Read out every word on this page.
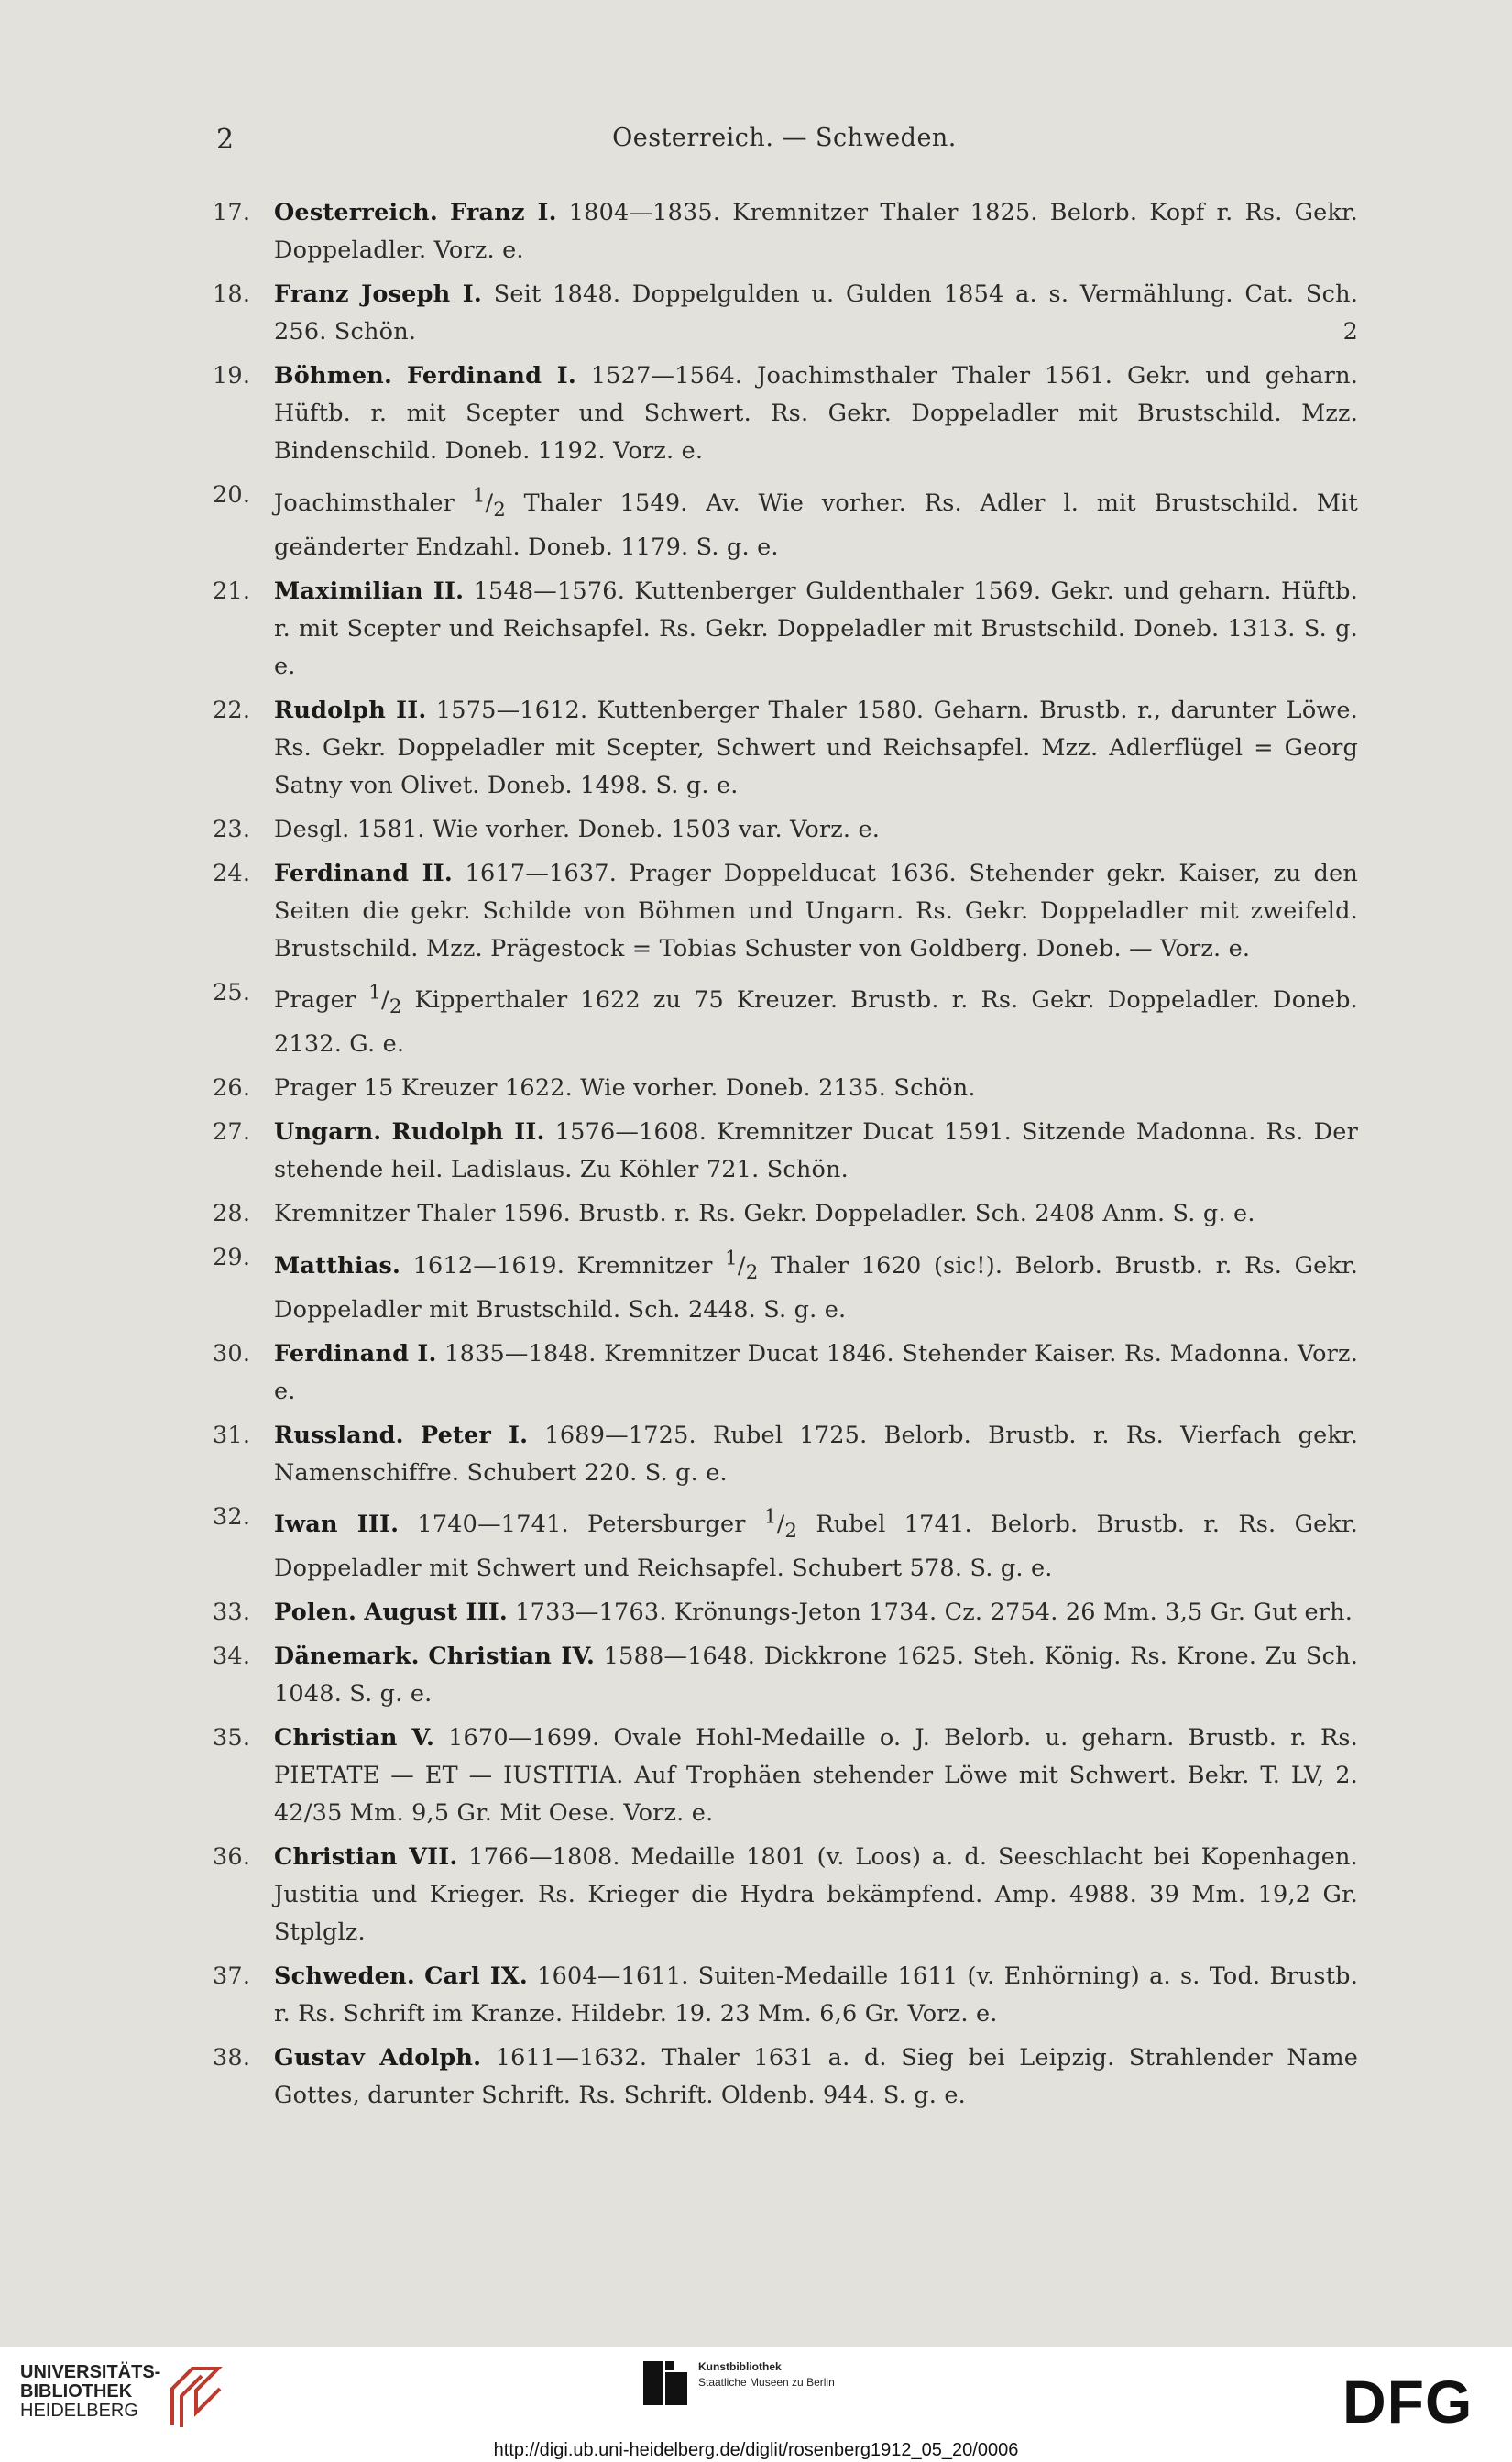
2	Oesterreich. — Schweden.
17. Oesterreich. Franz I. 1804—1835. Kremnitzer Thaler 1825. Belorb. Kopf r. Rs. Gekr. Doppeladler. Vorz. e.
18. Franz Joseph I. Seit 1848. Doppelgulden u. Gulden 1854 a. s. Vermählung. Cat. Sch. 256. Schön.	2
19. Böhmen. Ferdinand I. 1527—1564. Joachimsthaler Thaler 1561. Gekr. und geharn. Hüftb. r. mit Scepter und Schwert. Rs. Gekr. Doppeladler mit Brustschild. Mzz. Bindenschild. Doneb. 1192. Vorz. e.
20. Joachimsthaler $^1/_2$ Thaler 1549. Av. Wie vorher. Rs. Adler l. mit Brustschild. Mit geänderter Endzahl. Doneb. 1179. S. g. e.
21. Maximilian II. 1548—1576. Kuttenberger Guldenthaler 1569. Gekr. und geharn. Hüftb. r. mit Scepter und Reichsapfel. Rs. Gekr. Doppeladler mit Brustschild. Doneb. 1313. S. g. e.
22. Rudolph II. 1575—1612. Kuttenberger Thaler 1580. Geharn. Brustb. r., darunter Löwe. Rs. Gekr. Doppeladler mit Scepter, Schwert und Reichsapfel. Mzz. Adlerflügel = Georg Satny von Olivet. Doneb. 1498. S. g. e.
23. Desgl. 1581. Wie vorher. Doneb. 1503 var. Vorz. e.
24. Ferdinand II. 1617—1637. Prager Doppelducat 1636. Stehender gekr. Kaiser, zu den Seiten die gekr. Schilde von Böhmen und Ungarn. Rs. Gekr. Doppeladler mit zweifeld. Brustschild. Mzz. Prägestock = Tobias Schuster von Goldberg. Doneb. — Vorz. e.
25. Prager $^1/_2$ Kipperthaler 1622 zu 75 Kreuzer. Brustb. r. Rs. Gekr. Doppeladler. Doneb. 2132. G. e.
26. Prager 15 Kreuzer 1622. Wie vorher. Doneb. 2135. Schön.
27. Ungarn. Rudolph II. 1576—1608. Kremnitzer Ducat 1591. Sitzende Madonna. Rs. Der stehende heil. Ladislaus. Zu Köhler 721. Schön.
28. Kremnitzer Thaler 1596. Brustb. r. Rs. Gekr. Doppeladler. Sch. 2408 Anm. S. g. e.
29. Matthias. 1612—1619. Kremnitzer $^1/_2$ Thaler 1620 (sic!). Belorb. Brustb. r. Rs. Gekr. Doppeladler mit Brustschild. Sch. 2448. S. g. e.
30. Ferdinand I. 1835—1848. Kremnitzer Ducat 1846. Stehender Kaiser. Rs. Madonna. Vorz. e.
31. Russland. Peter I. 1689—1725. Rubel 1725. Belorb. Brustb. r. Rs. Vierfach gekr. Namenschiffre. Schubert 220. S. g. e.
32. Iwan III. 1740—1741. Petersburger $^1/_2$ Rubel 1741. Belorb. Brustb. r. Rs. Gekr. Doppeladler mit Schwert und Reichsapfel. Schubert 578. S. g. e.
33. Polen. August III. 1733—1763. Krönungs-Jeton 1734. Cz. 2754. 26 Mm. 3,5 Gr. Gut erh.
34. Dänemark. Christian IV. 1588—1648. Dickkrone 1625. Steh. König. Rs. Krone. Zu Sch. 1048. S. g. e.
35. Christian V. 1670—1699. Ovale Hohl-Medaille o. J. Belorb. u. geharn. Brustb. r. Rs. PIETATE — ET — IUSTITIA. Auf Trophäen stehender Löwe mit Schwert. Bekr. T. LV, 2. 42/35 Mm. 9,5 Gr. Mit Oese. Vorz. e.
36. Christian VII. 1766—1808. Medaille 1801 (v. Loos) a. d. Seeschlacht bei Kopenhagen. Justitia und Krieger. Rs. Krieger die Hydra bekämpfend. Amp. 4988. 39 Mm. 19,2 Gr. Stplglz.
37. Schweden. Carl IX. 1604—1611. Suiten-Medaille 1611 (v. Enhörning) a. s. Tod. Brustb. r. Rs. Schrift im Kranze. Hildebr. 19. 23 Mm. 6,6 Gr. Vorz. e.
38. Gustav Adolph. 1611—1632. Thaler 1631 a. d. Sieg bei Leipzig. Strahlender Name Gottes, darunter Schrift. Rs. Schrift. Oldenb. 944. S. g. e.
UNIVERSITÄTS-
BIBLIOTHEK
HEIDELBERG
Kunstbibliothek
Staatliche Museen zu Berlin	DFG
http://digi.ub.uni-heidelberg.de/diglit/rosenberg1912_05_20/0006
